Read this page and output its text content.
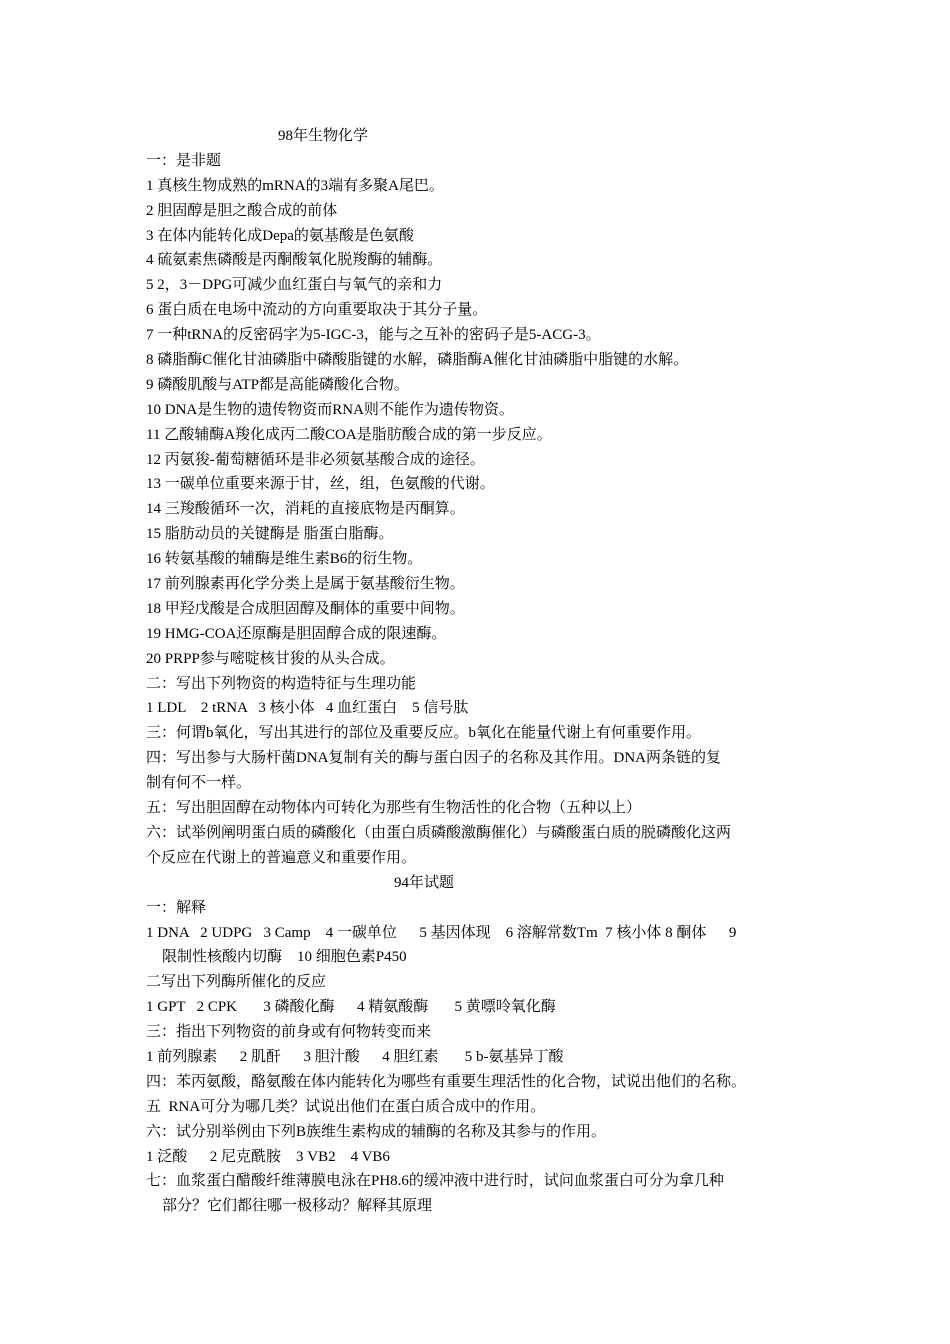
98年生物化学
一：是非题
1 真核生物成熟的mRNA的3端有多聚A尾巴。
2 胆固醇是胆之酸合成的前体
3 在体内能转化成Depa的氨基酸是色氨酸
4 硫氨素焦磷酸是丙酮酸氧化脱羧酶的辅酶。
5 2，3－DPG可减少血红蛋白与氧气的亲和力
6 蛋白质在电场中流动的方向重要取决于其分子量。
7 一种tRNA的反密码字为5-IGC-3，能与之互补的密码子是5-ACG-3。
8 磷脂酶C催化甘油磷脂中磷酸脂键的水解，磷脂酶A催化甘油磷脂中脂键的水解。
9 磷酸肌酸与ATP都是高能磷酸化合物。
10 DNA是生物的遗传物资而RNA则不能作为遗传物资。
11 乙酸辅酶A羧化成丙二酸COA是脂肪酸合成的第一步反应。
12 丙氨狻-葡萄糖循环是非必须氨基酸合成的途径。
13 一碳单位重要来源于甘，丝，组，色氨酸的代谢。
14 三羧酸循环一次，消耗的直接底物是丙酮算。
15 脂肪动员的关键酶是 脂蛋白脂酶。
16 转氨基酸的辅酶是维生素B6的衍生物。
17 前列腺素再化学分类上是属于氨基酸衍生物。
18 甲羟戊酸是合成胆固醇及酮体的重要中间物。
19 HMG-COA还原酶是胆固醇合成的限速酶。
20 PRPP参与嘧啶核甘狻的从头合成。
二：写出下列物资的构造特征与生理功能
1 LDL    2 tRNA   3 核小体   4 血红蛋白    5 信号肽
三：何谓b氧化，写出其进行的部位及重要反应。b氧化在能量代谢上有何重要作用。
四：写出参与大肠杆菌DNA复制有关的酶与蛋白因子的名称及其作用。DNA两条链的复
制有何不一样。
五：写出胆固醇在动物体内可转化为那些有生物活性的化合物（五种以上）
六：试举例阐明蛋白质的磷酸化（由蛋白质磷酸激酶催化）与磷酸蛋白质的脱磷酸化这两
个反应在代谢上的普遍意义和重要作用。
94年试题
一：解释
1 DNA   2 UDPG   3 Camp    4 一碳单位      5 基因体现    6 溶解常数Tm  7 核小体 8 酮体      9
限制性核酸内切酶    10 细胞色素P450
二写出下列酶所催化的反应
1 GPT   2 CPK       3 磷酸化酶      4 精氨酸酶       5 黄嘌呤氧化酶
三：指出下列物资的前身或有何物转变而来
1 前列腺素      2 肌酐      3 胆汁酸      4 胆红素       5 b-氨基异丁酸
四：苯丙氨酸，酪氨酸在体内能转化为哪些有重要生理活性的化合物，试说出他们的名称。
五  RNA可分为哪几类？试说出他们在蛋白质合成中的作用。
六：试分别举例由下列B族维生素构成的辅酶的名称及其参与的作用。
1 泛酸      2 尼克酰胺    3 VB2    4 VB6
七：血浆蛋白醋酸纤维薄膜电泳在PH8.6的缓冲液中进行时，试问血浆蛋白可分为拿几种
部分？它们都往哪一极移动？解释其原理
